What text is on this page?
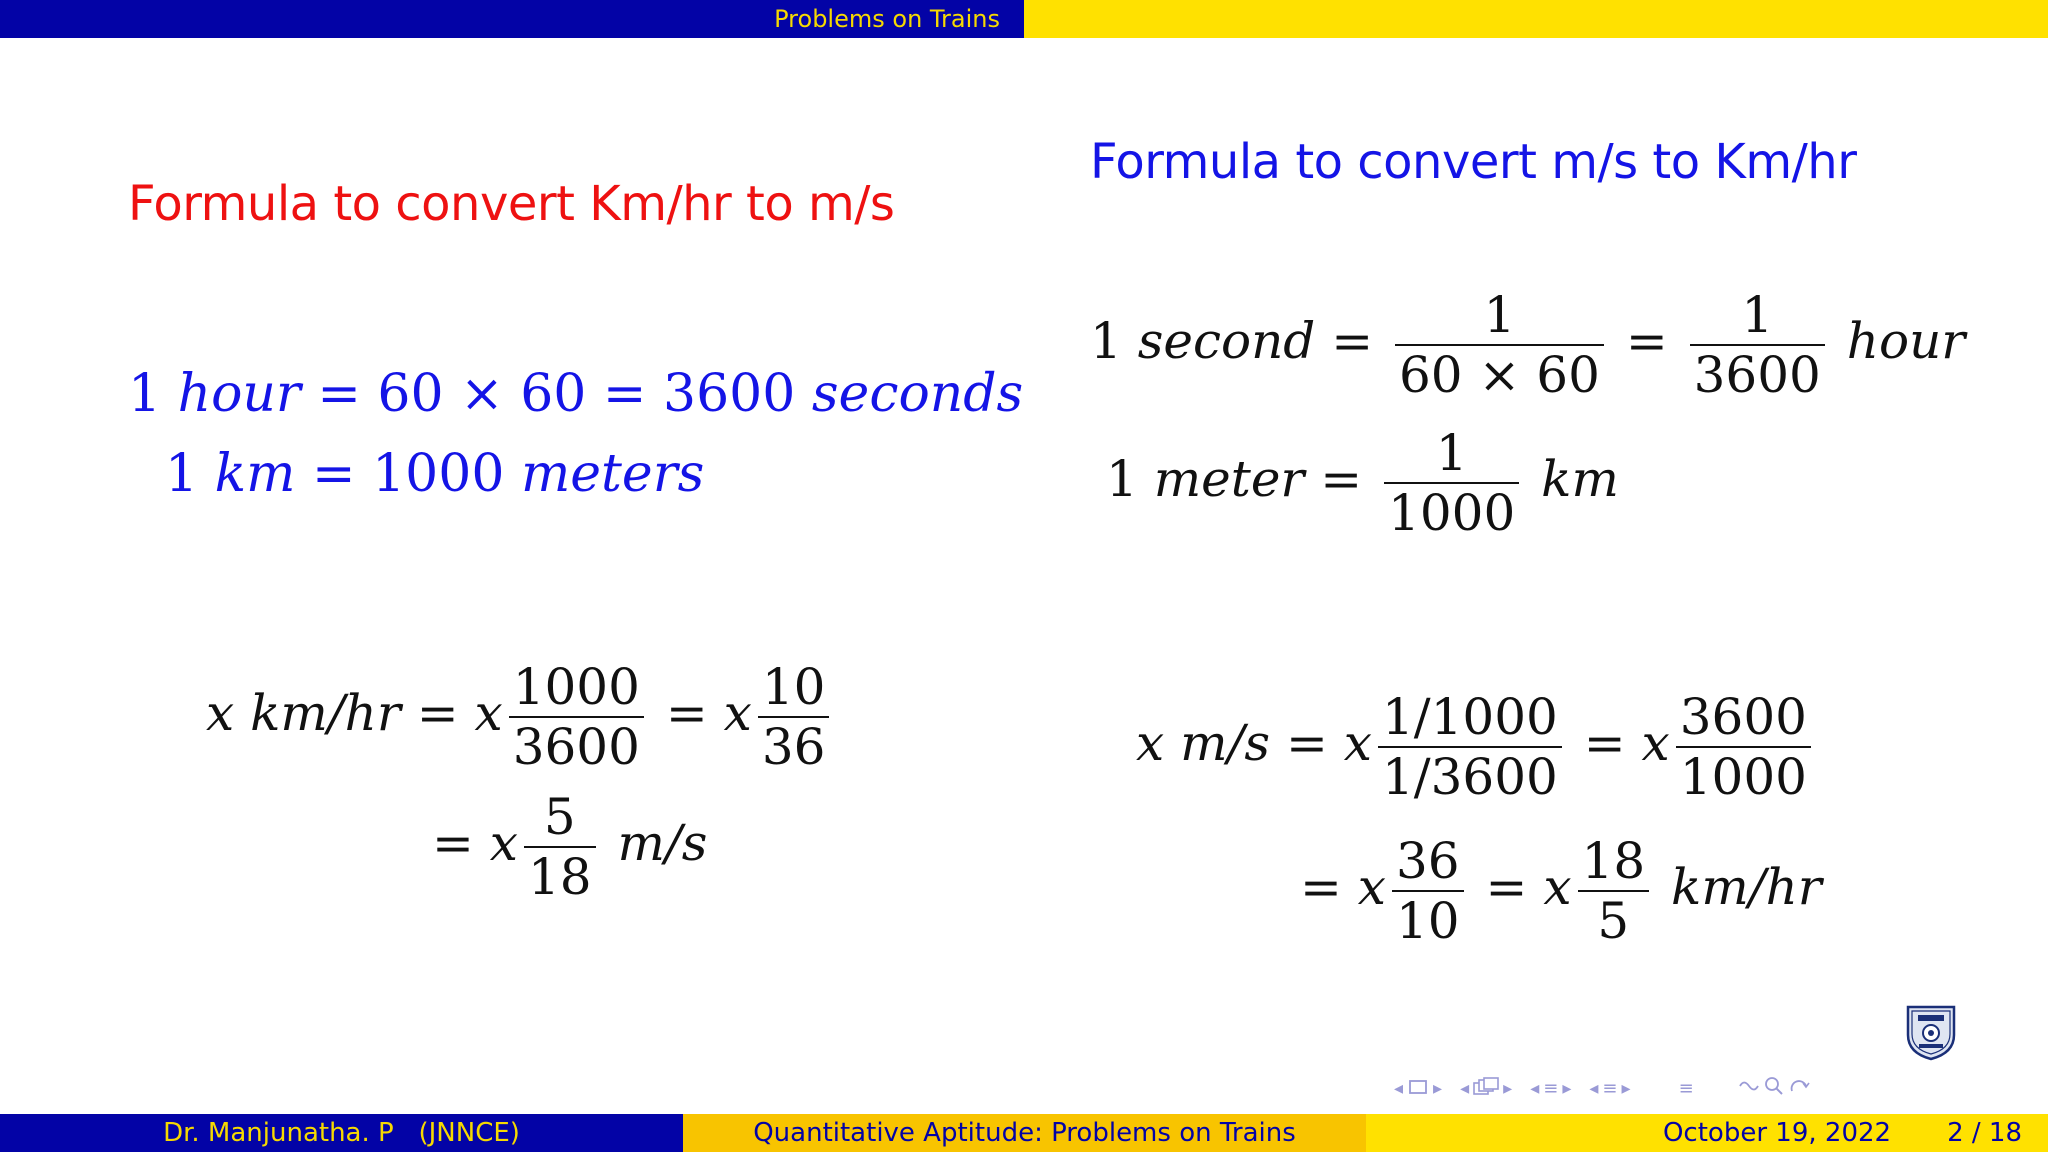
Problems on Trains
Formula to convert Km/hr to m/s
1 hour = 60 × 60 = 3600 seconds
1 km = 1000 meters
x km/hr = x $\frac{1000}{3600} = x \frac{10}{36}$
= x $\frac{5}{18} m/s$
Formula to convert m/s to Km/hr
1 second = $\frac{1}{60 \times 60} = \frac{1}{3600}$ hour
1 meter = $\frac{1}{1000}$ km
x m/s = x $\frac{1/1000}{1/3600} = x \frac{3600}{1000}$
= x $\frac{36}{10} = x \frac{18}{5} km/hr$
◂ ▸ ◂ ▸ ◂ ≡ ▸ ◂ ≡ ▸	≡
Dr. Manjunatha. P   (JNNCE)	Quantitative Aptitude: Problems on Trains	October 19, 2022 2 / 18
